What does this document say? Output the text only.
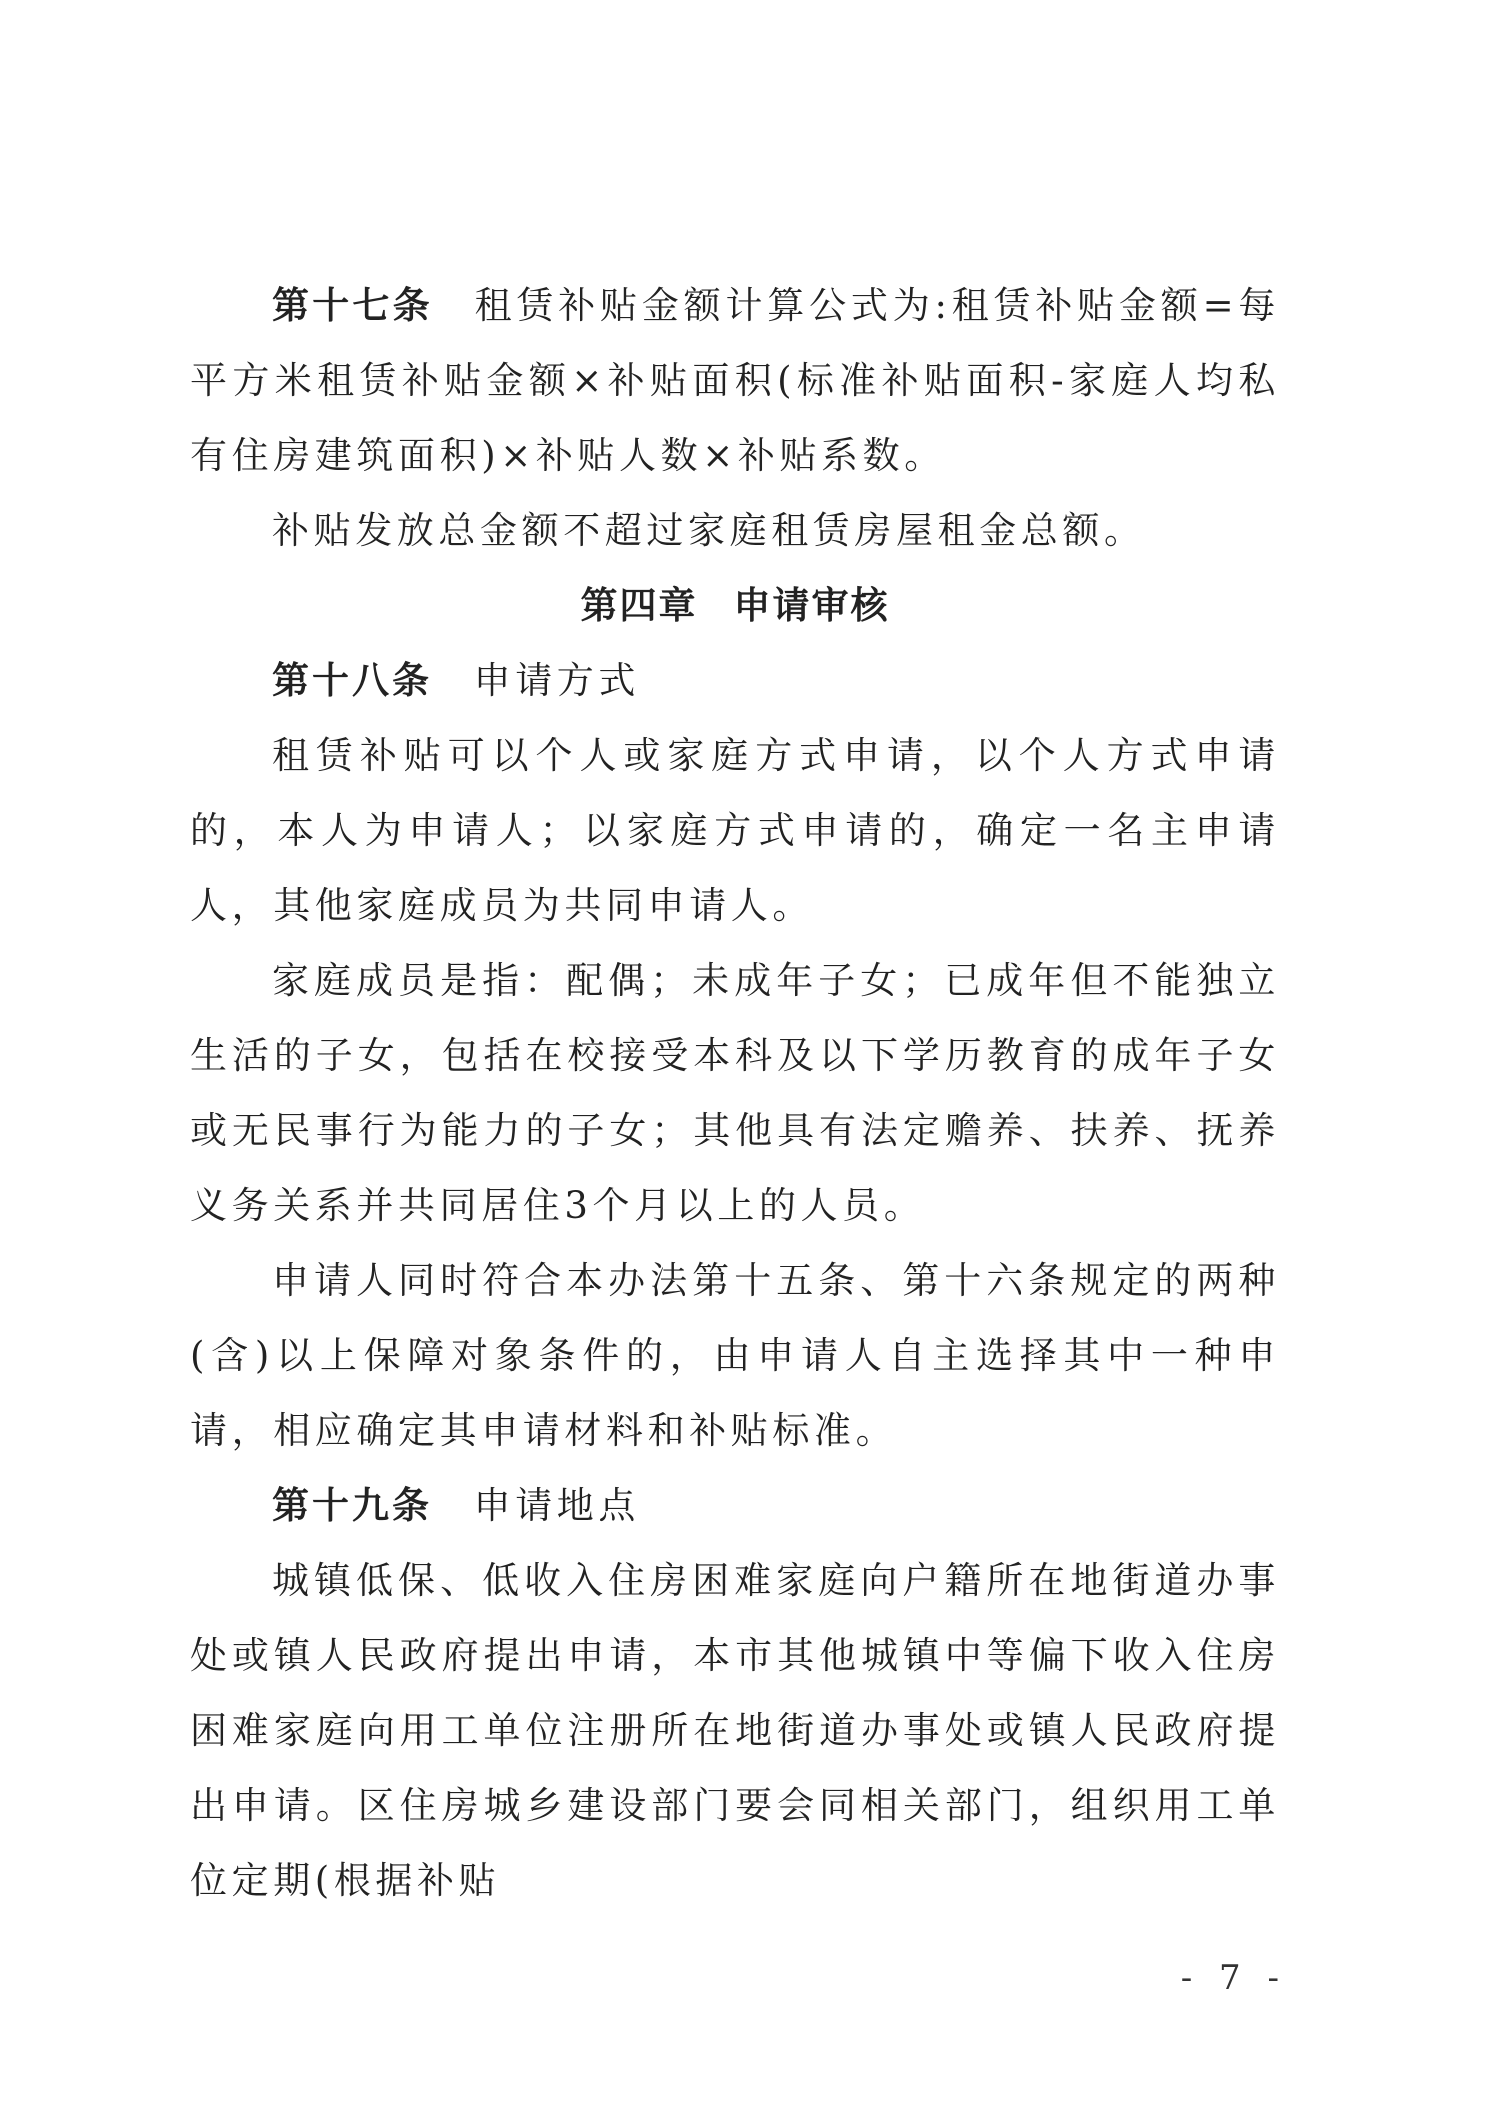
第十七条  租赁补贴金额计算公式为:租赁补贴金额=每平方米租赁补贴金额×补贴面积(标准补贴面积-家庭人均私有住房建筑面积)×补贴人数×补贴系数。

补贴发放总金额不超过家庭租赁房屋租金总额。

第四章 申请审核

第十八条  申请方式

租赁补贴可以个人或家庭方式申请，以个人方式申请的，本人为申请人；以家庭方式申请的，确定一名主申请人，其他家庭成员为共同申请人。

家庭成员是指：配偶；未成年子女；已成年但不能独立生活的子女，包括在校接受本科及以下学历教育的成年子女或无民事行为能力的子女；其他具有法定赡养、扶养、抚养义务关系并共同居住3个月以上的人员。

申请人同时符合本办法第十五条、第十六条规定的两种(含)以上保障对象条件的，由申请人自主选择其中一种申请，相应确定其申请材料和补贴标准。

第十九条  申请地点

城镇低保、低收入住房困难家庭向户籍所在地街道办事处或镇人民政府提出申请，本市其他城镇中等偏下收入住房困难家庭向用工单位注册所在地街道办事处或镇人民政府提出申请。区住房城乡建设部门要会同相关部门，组织用工单位定期(根据补贴

- 7 -
